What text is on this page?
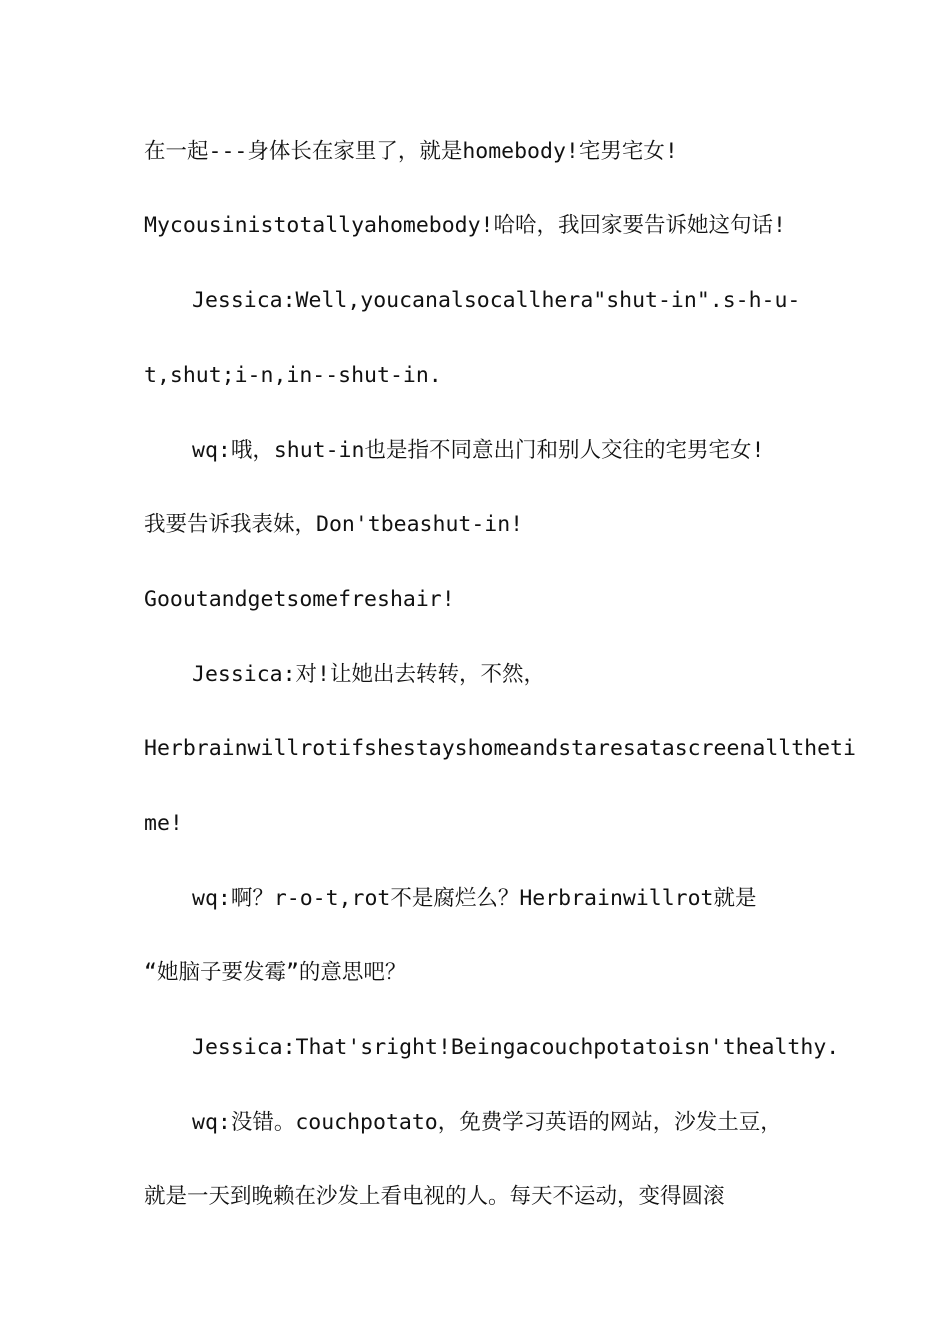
在一起---身体长在家里了，就是homebody!宅男宅女!
Mycousinistotallyahomebody!哈哈，我回家要告诉她这句话!
Jessica:Well,youcanalsocallhera"shut-in".s-h-u-
t,shut;i-n,in--shut-in.
wq:哦，shut-in也是指不同意出门和别人交往的宅男宅女!
我要告诉我表妹，Don'tbeashut-in!
Gooutandgetsomefreshair!
Jessica:对!让她出去转转，不然，
Herbrainwillrotifshestayshomeandstaresatascreenalltheti
me!
wq:啊？r-o-t,rot不是腐烂么？Herbrainwillrot就是
“她脑子要发霉”的意思吧？
Jessica:That'sright!Beingacouchpotatoisn'thealthy.
wq:没错。couchpotato，免费学习英语的网站，沙发土豆，
就是一天到晚赖在沙发上看电视的人。每天不运动，变得圆滚
